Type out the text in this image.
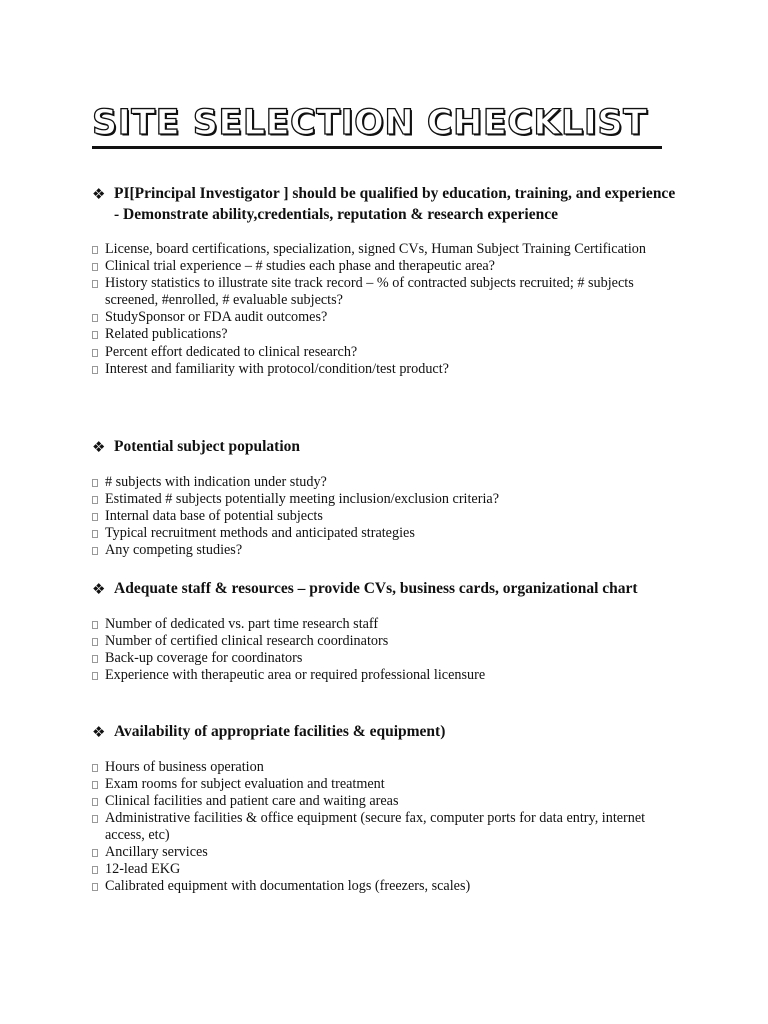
SITE SELECTION CHECKLIST
❖ PI[Principal Investigator ] should be qualified by education, training, and experience - Demonstrate ability,credentials, reputation & research experience
License, board certifications, specialization, signed CVs, Human Subject Training Certification
Clinical trial experience – # studies each phase and therapeutic area?
History statistics to illustrate site track record – % of contracted subjects recruited; # subjects screened, #enrolled, # evaluable subjects?
StudySponsor or FDA audit outcomes?
Related publications?
Percent effort dedicated to clinical research?
Interest and familiarity with protocol/condition/test product?
❖ Potential subject population
# subjects with indication under study?
Estimated # subjects potentially meeting inclusion/exclusion criteria?
Internal data base of potential subjects
Typical recruitment methods and anticipated strategies
Any competing studies?
❖ Adequate staff & resources – provide CVs, business cards, organizational chart
Number of dedicated vs. part time research staff
Number of certified clinical research coordinators
Back-up coverage for coordinators
Experience with therapeutic area or required professional licensure
❖ Availability of appropriate facilities & equipment)
Hours of business operation
Exam rooms for subject evaluation and treatment
Clinical facilities and patient care and waiting areas
Administrative facilities & office equipment (secure fax, computer ports for data entry, internet access, etc)
Ancillary services
12-lead EKG
Calibrated equipment with documentation logs (freezers, scales)
